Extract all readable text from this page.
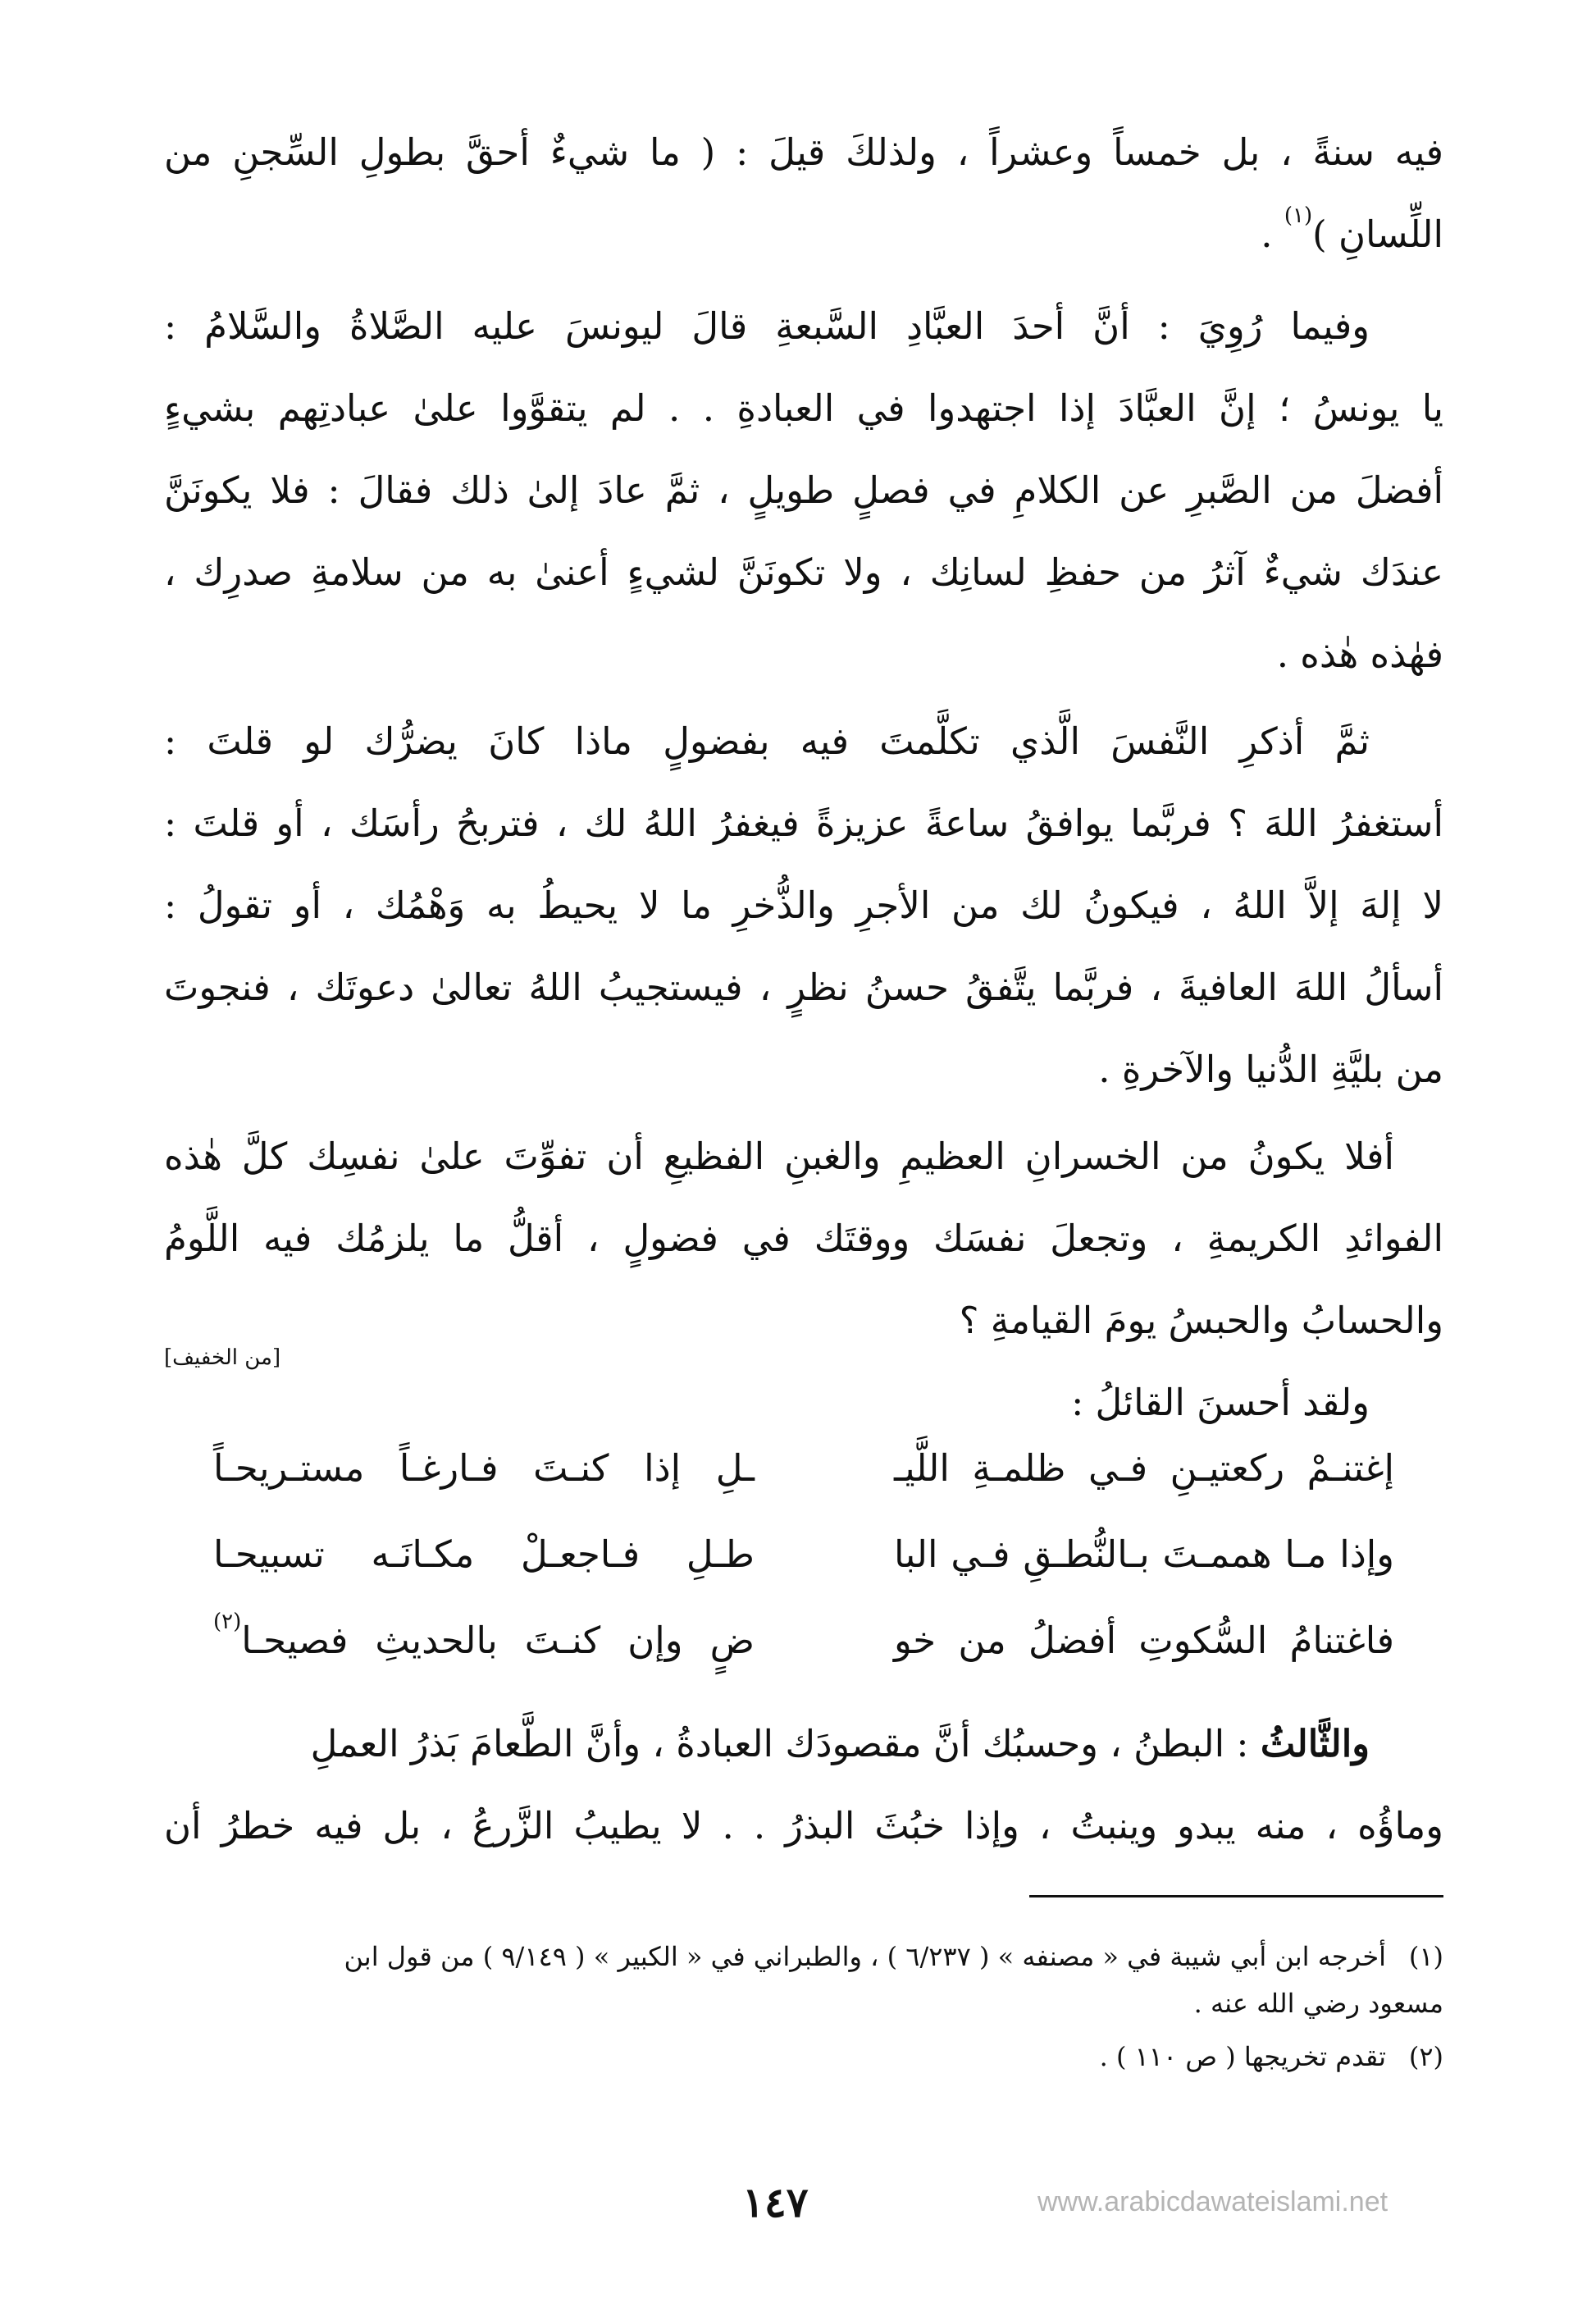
فيه سنةً ، بل خمساً وعشراً ، ولذلكَ قيلَ : ( ما شيءٌ أحقَّ بطولِ السِّجنِ من
اللِّسانِ )$^{(١)}$ .
وفيما رُوِيَ : أنَّ أحدَ العبَّادِ السَّبعةِ قالَ ليونسَ عليه الصَّلاةُ والسَّلامُ :
يا يونسُ ؛ إنَّ العبَّادَ إذا اجتهدوا في العبادةِ . . لم يتقوَّوا علىٰ عبادتِهم بشيءٍ
أفضلَ من الصَّبرِ عن الكلامِ في فصلٍ طويلٍ ، ثمَّ عادَ إلىٰ ذلك فقالَ : فلا يكونَنَّ
عندَك شيءٌ آثرُ من حفظِ لسانِك ، ولا تكونَنَّ لشيءٍ أعنىٰ به من سلامةِ صدرِك ،
فهٰذه هٰذه .
ثمَّ أذكرِ النَّفسَ الَّذي تكلَّمتَ فيه بفضولٍ ماذا كانَ يضرُّك لو قلتَ :
أستغفرُ اللهَ ؟ فربَّما يوافقُ ساعةً عزيزةً فيغفرُ اللهُ لك ، فتربحُ رأسَك ، أو قلتَ :
لا إلهَ إلاَّ اللهُ ، فيكونُ لك من الأجرِ والذُّخرِ ما لا يحيطُ به وَهْمُك ، أو تقولُ :
أسألُ اللهَ العافيةَ ، فربَّما يتَّفقُ حسنُ نظرٍ ، فيستجيبُ اللهُ تعالىٰ دعوتَك ، فنجوتَ
من بليَّةِ الدُّنيا والآخرةِ .
أفلا يكونُ من الخسرانِ العظيمِ والغبنِ الفظيعِ أن تفوِّتَ علىٰ نفسِك كلَّ هٰذه
الفوائدِ الكريمةِ ، وتجعلَ نفسَك ووقتَك في فضولٍ ، أقلُّ ما يلزمُك فيه اللَّومُ
والحسابُ والحبسُ يومَ القيامةِ ؟
ولقد أحسنَ القائلُ :
[من الخفيف]
إغتنـمْ ركعتيـنِ فـي ظلمـةِ اللَّيـ
ـلِ إذا كنـتَ فـارغـاً مستـريحـاً
وإذا مـا هممـتَ بـالنُّطـقِ فـي البا
طـلِ فـاجعـلْ مكـانَـه تسبيحـا
فاغتنامُ السُّكوتِ أفضلُ من خو
ضٍ وإن كنـتَ بالحديثِ فصيحـا$^{(٢)}$
والثَّالثُ : البطنُ ، وحسبُك أنَّ مقصودَك العبادةُ ، وأنَّ الطَّعامَ بَذرُ العملِ
وماؤُه ، منه يبدو وينبتُ ، وإذا خبُثَ البذرُ . . لا يطيبُ الزَّرعُ ، بل فيه خطرُ أن
(١)أخرجه ابن أبي شيبة في « مصنفه » ( ٦/٢٣٧ ) ، والطبراني في « الكبير » ( ٩/١٤٩ ) من قول ابن
مسعود رضي الله عنه .
(٢)تقدم تخريجها ( ص ١١٠ ) .
١٤٧	www.arabicdawateislami.net
